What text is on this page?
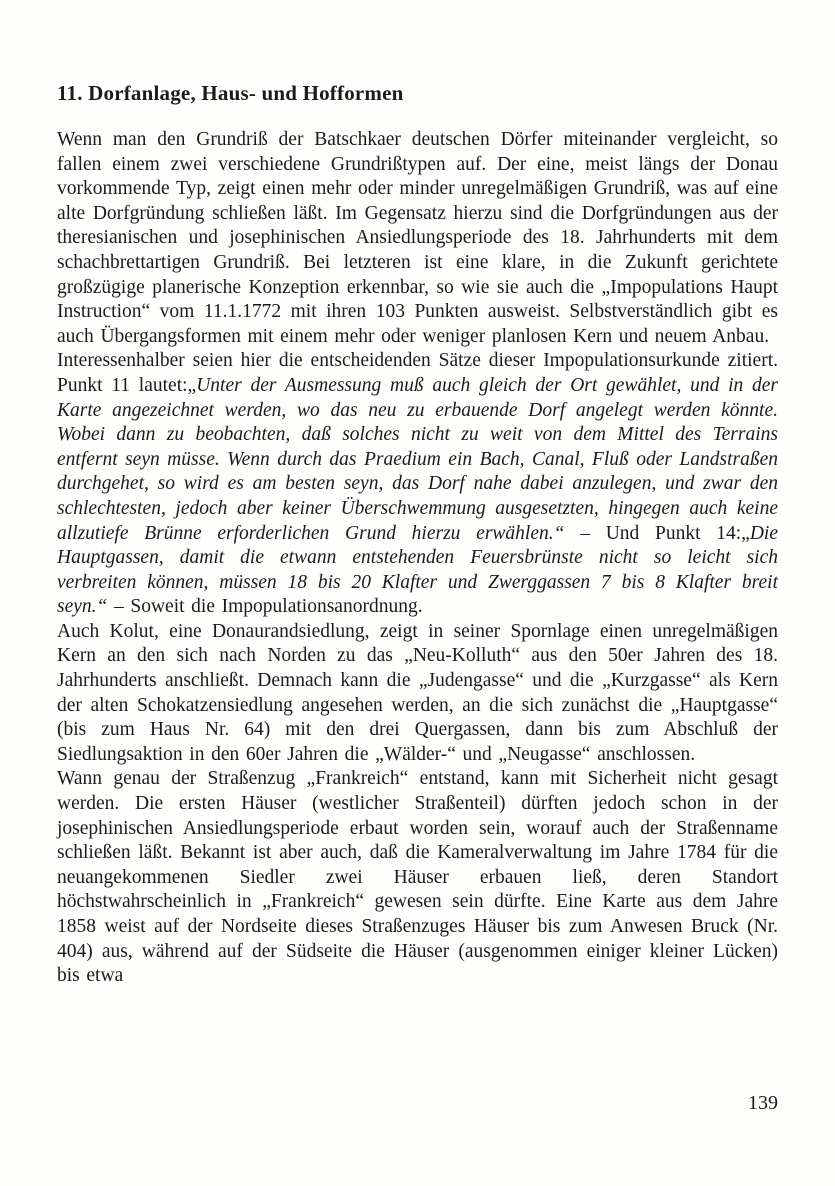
11. Dorfanlage, Haus- und Hofformen

Wenn man den Grundriß der Batschkaer deutschen Dörfer miteinander vergleicht, so fallen einem zwei verschiedene Grundrißtypen auf. Der eine, meist längs der Donau vorkommende Typ, zeigt einen mehr oder minder unregelmäßigen Grundriß, was auf eine alte Dorfgründung schließen läßt. Im Gegensatz hierzu sind die Dorfgründungen aus der theresianischen und josephinischen Ansiedlungsperiode des 18. Jahrhunderts mit dem schachbrettartigen Grundriß. Bei letzteren ist eine klare, in die Zukunft gerichtete großzügige planerische Konzeption erkennbar, so wie sie auch die „Impopulations Haupt Instruction“ vom 11.1.1772 mit ihren 103 Punkten ausweist. Selbstverständlich gibt es auch Übergangsformen mit einem mehr oder weniger planlosen Kern und neuem Anbau.

Interessenhalber seien hier die entscheidenden Sätze dieser Impopulationsurkunde zitiert. Punkt 11 lautet:„Unter der Ausmessung muß auch gleich der Ort gewählet, und in der Karte angezeichnet werden, wo das neu zu erbauende Dorf angelegt werden könnte. Wobei dann zu beobachten, daß solches nicht zu weit von dem Mittel des Terrains entfernt seyn müsse. Wenn durch das Praedium ein Bach, Canal, Fluß oder Landstraßen durchgehet, so wird es am besten seyn, das Dorf nahe dabei anzulegen, und zwar den schlechtesten, jedoch aber keiner Überschwemmung ausgesetzten, hingegen auch keine allzutiefe Brünne erforderlichen Grund hierzu erwählen.“ – Und Punkt 14:„Die Hauptgassen, damit die etwann entstehenden Feuersbrünste nicht so leicht sich verbreiten können, müssen 18 bis 20 Klafter und Zwerggassen 7 bis 8 Klafter breit seyn.“ – Soweit die Impopulationsanordnung.

Auch Kolut, eine Donaurandsiedlung, zeigt in seiner Spornlage einen unregelmäßigen Kern an den sich nach Norden zu das „Neu-Kolluth“ aus den 50er Jahren des 18. Jahrhunderts anschließt. Demnach kann die „Judengasse“ und die „Kurzgasse“ als Kern der alten Schokatzensiedlung angesehen werden, an die sich zunächst die „Hauptgasse“ (bis zum Haus Nr. 64) mit den drei Quergassen, dann bis zum Abschluß der Siedlungsaktion in den 60er Jahren die „Wälder-“ und „Neugasse“ anschlossen.

Wann genau der Straßenzug „Frankreich“ entstand, kann mit Sicherheit nicht gesagt werden. Die ersten Häuser (westlicher Straßenteil) dürften jedoch schon in der josephinischen Ansiedlungsperiode erbaut worden sein, worauf auch der Straßenname schließen läßt. Bekannt ist aber auch, daß die Kameralverwaltung im Jahre 1784 für die neuangekommenen Siedler zwei Häuser erbauen ließ, deren Standort höchstwahrscheinlich in „Frankreich“ gewesen sein dürfte. Eine Karte aus dem Jahre 1858 weist auf der Nordseite dieses Straßenzuges Häuser bis zum Anwesen Bruck (Nr. 404) aus, während auf der Südseite die Häuser (ausgenommen einiger kleiner Lücken) bis etwa

139
